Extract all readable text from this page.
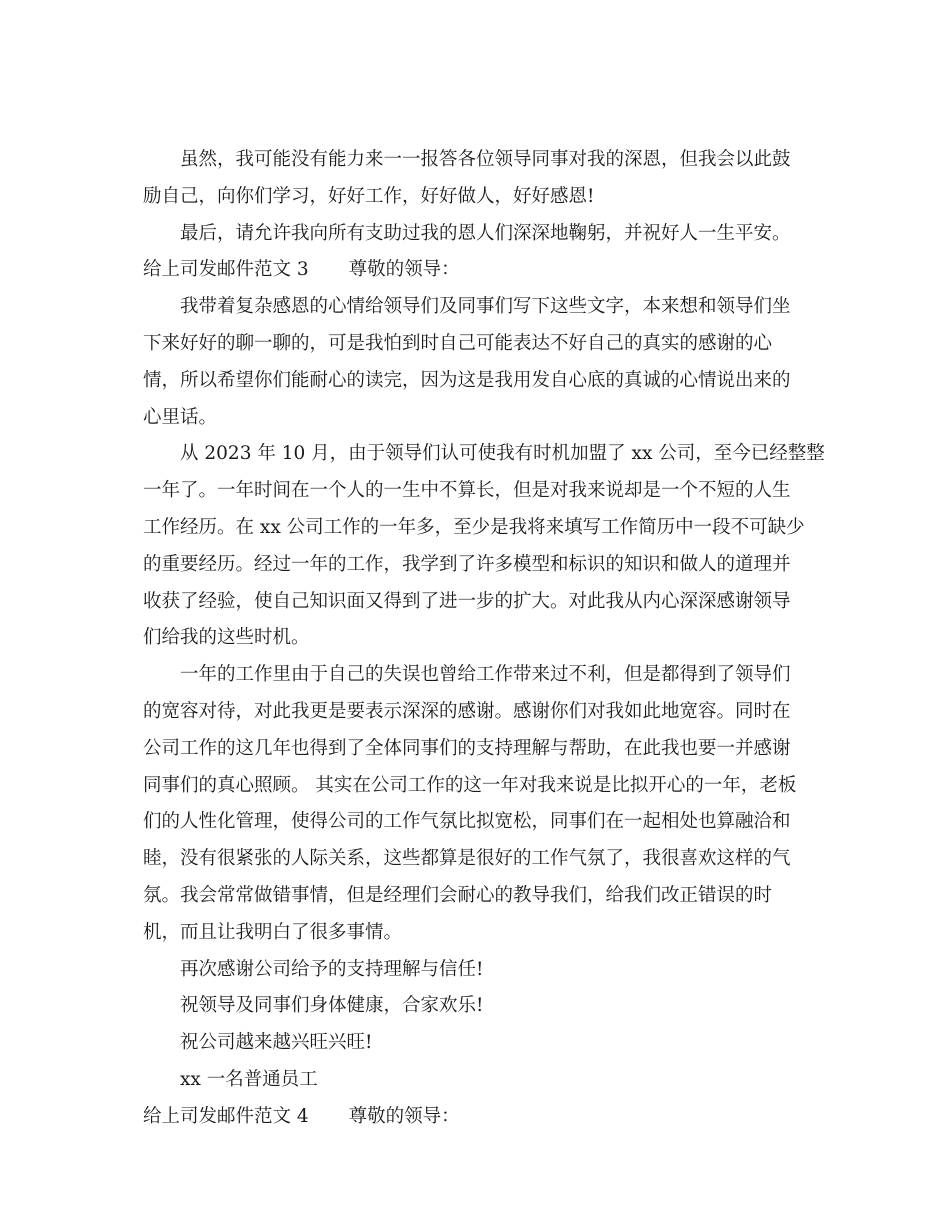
虽然，我可能没有能力来一一报答各位领导同事对我的深恩，但我会以此鼓
励自己，向你们学习，好好工作，好好做人，好好感恩!
最后，请允许我向所有支助过我的恩人们深深地鞠躬，并祝好人一生平安。
给上司发邮件范文 3 尊敬的领导：
我带着复杂感恩的心情给领导们及同事们写下这些文字，本来想和领导们坐
下来好好的聊一聊的，可是我怕到时自己可能表达不好自己的真实的感谢的心
情，所以希望你们能耐心的读完，因为这是我用发自心底的真诚的心情说出来的
心里话。
从 2023 年 10 月，由于领导们认可使我有时机加盟了 xx 公司，至今已经整整
一年了。一年时间在一个人的一生中不算长，但是对我来说却是一个不短的人生
工作经历。在 xx 公司工作的一年多，至少是我将来填写工作简历中一段不可缺少
的重要经历。经过一年的工作，我学到了许多模型和标识的知识和做人的道理并
收获了经验，使自己知识面又得到了进一步的扩大。对此我从内心深深感谢领导
们给我的这些时机。
一年的工作里由于自己的失误也曾给工作带来过不利，但是都得到了领导们
的宽容对待，对此我更是要表示深深的感谢。感谢你们对我如此地宽容。同时在
公司工作的这几年也得到了全体同事们的支持理解与帮助，在此我也要一并感谢
同事们的真心照顾。 其实在公司工作的这一年对我来说是比拟开心的一年，老板
们的人性化管理，使得公司的工作气氛比拟宽松，同事们在一起相处也算融洽和
睦，没有很紧张的人际关系，这些都算是很好的工作气氛了，我很喜欢这样的气
氛。我会常常做错事情，但是经理们会耐心的教导我们，给我们改正错误的时
机，而且让我明白了很多事情。
再次感谢公司给予的支持理解与信任!
祝领导及同事们身体健康，合家欢乐!
祝公司越来越兴旺兴旺!
xx 一名普通员工
给上司发邮件范文 4 尊敬的领导：
